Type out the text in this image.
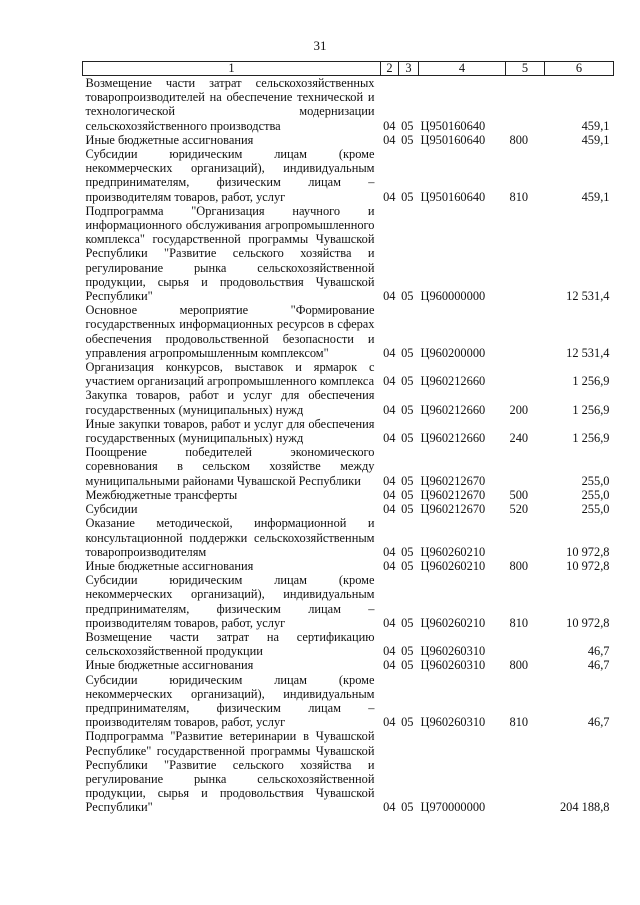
31
1	2	3	4	5	6
Возмещение части затрат сельскохозяйственных товаропроизводителей на обеспечение технической и технологической модернизации сельскохозяйственного производства	04	05	Ц950160640		459,1
Иные бюджетные ассигнования	04	05	Ц950160640	800	459,1
Субсидии юридическим лицам (кроме некоммерческих организаций), индивидуальным предпринимателям, физическим лицам – производителям товаров, работ, услуг	04	05	Ц950160640	810	459,1
Подпрограмма "Организация научного и информационного обслуживания агропромышленного комплекса" государственной программы Чувашской Республики "Развитие сельского хозяйства и регулирование рынка сельскохозяйственной продукции, сырья и продовольствия Чувашской Республики"	04	05	Ц960000000		12 531,4
Основное мероприятие "Формирование государственных информационных ресурсов в сферах обеспечения продовольственной безопасности и управления агропромышленным комплексом"	04	05	Ц960200000		12 531,4
Организация конкурсов, выставок и ярмарок с участием организаций агропромышленного комплекса	04	05	Ц960212660		1 256,9
Закупка товаров, работ и услуг для обеспечения государственных (муниципальных) нужд	04	05	Ц960212660	200	1 256,9
Иные закупки товаров, работ и услуг для обеспечения государственных (муниципальных) нужд	04	05	Ц960212660	240	1 256,9
Поощрение победителей экономического соревнования в сельском хозяйстве между муниципальными районами Чувашской Республики	04	05	Ц960212670		255,0
Межбюджетные трансферты	04	05	Ц960212670	500	255,0
Субсидии	04	05	Ц960212670	520	255,0
Оказание методической, информационной и консультационной поддержки сельскохозяйственным товаропроизводителям	04	05	Ц960260210		10 972,8
Иные бюджетные ассигнования	04	05	Ц960260210	800	10 972,8
Субсидии юридическим лицам (кроме некоммерческих организаций), индивидуальным предпринимателям, физическим лицам – производителям товаров, работ, услуг	04	05	Ц960260210	810	10 972,8
Возмещение части затрат на сертификацию сельскохозяйственной продукции	04	05	Ц960260310		46,7
Иные бюджетные ассигнования	04	05	Ц960260310	800	46,7
Субсидии юридическим лицам (кроме некоммерческих организаций), индивидуальным предпринимателям, физическим лицам – производителям товаров, работ, услуг	04	05	Ц960260310	810	46,7
Подпрограмма "Развитие ветеринарии в Чувашской Республике" государственной программы Чувашской Республики "Развитие сельского хозяйства и регулирование рынка сельскохозяйственной продукции, сырья и продовольствия Чувашской Республики"	04	05	Ц970000000		204 188,8
